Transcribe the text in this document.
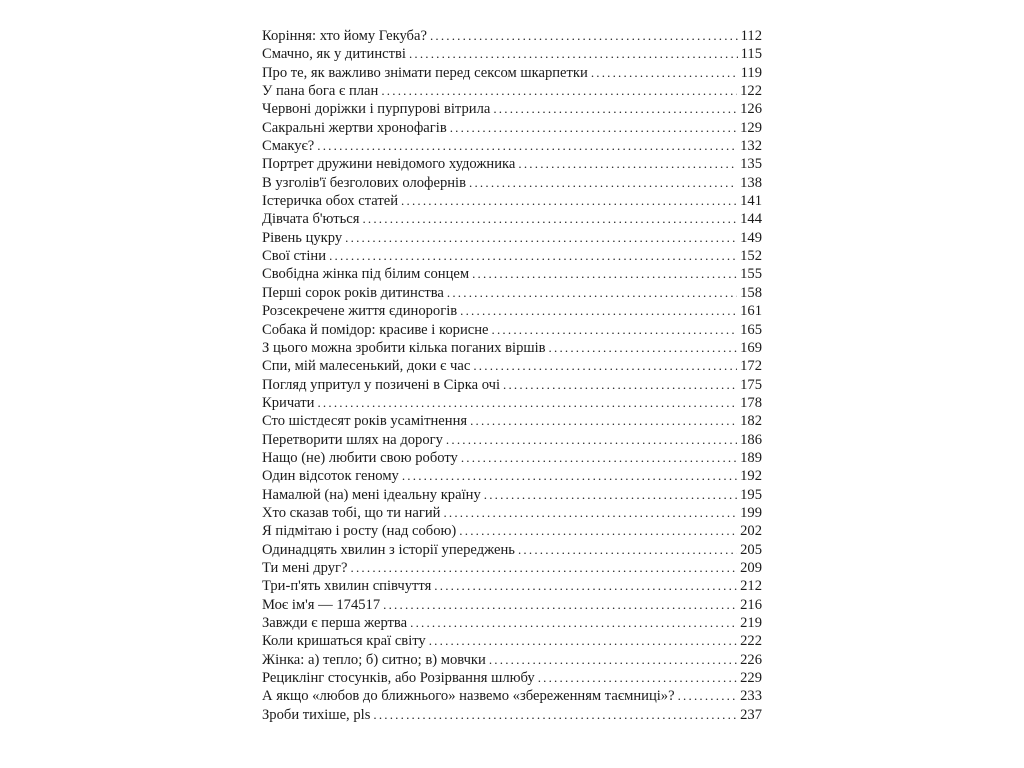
Коріння: хто йому Гекуба? .....	112
Смачно, як у дитинстві .....	115
Про те, як важливо знімати перед сексом шкарпетки .....	119
У пана бога є план .....	122
Червоні доріжки і пурпурові вітрила .....	126
Сакральні жертви хронофагів .....	129
Смакує? .....	132
Портрет дружини невідомого художника .....	135
В узголів'ї безголових олофернів .....	138
Істеричка обох статей .....	141
Дівчата б'ються .....	144
Рівень цукру .....	149
Свої стіни .....	152
Свобідна жінка під білим сонцем .....	155
Перші сорок років дитинства .....	158
Розсекречене життя єдинорогів .....	161
Собака й помідор: красиве і корисне .....	165
З цього можна зробити кілька поганих віршів .....	169
Спи, мій малесенький, доки є час .....	172
Погляд упритул у позичені в Сірка очі .....	175
Кричати .....	178
Сто шістдесят років усамітнення .....	182
Перетворити шлях на дорогу .....	186
Нащо (не) любити свою роботу .....	189
Один відсоток геному .....	192
Намалюй (на) мені ідеальну країну .....	195
Хто сказав тобі, що ти нагий .....	199
Я підмітаю і росту (над собою) .....	202
Одинадцять хвилин з історії упереджень .....	205
Ти мені друг? .....	209
Три-п'ять хвилин співчуття .....	212
Моє ім'я — 174517 .....	216
Завжди є перша жертва .....	219
Коли кришаться краї світу .....	222
Жінка: а) тепло; б) ситно; в) мовчки .....	226
Рециклінг стосунків, або Розірвання шлюбу .....	229
А якщо «любов до ближнього» назвемо «збереженням таємниці»? .....	233
Зроби тихіше, pls .....	237
